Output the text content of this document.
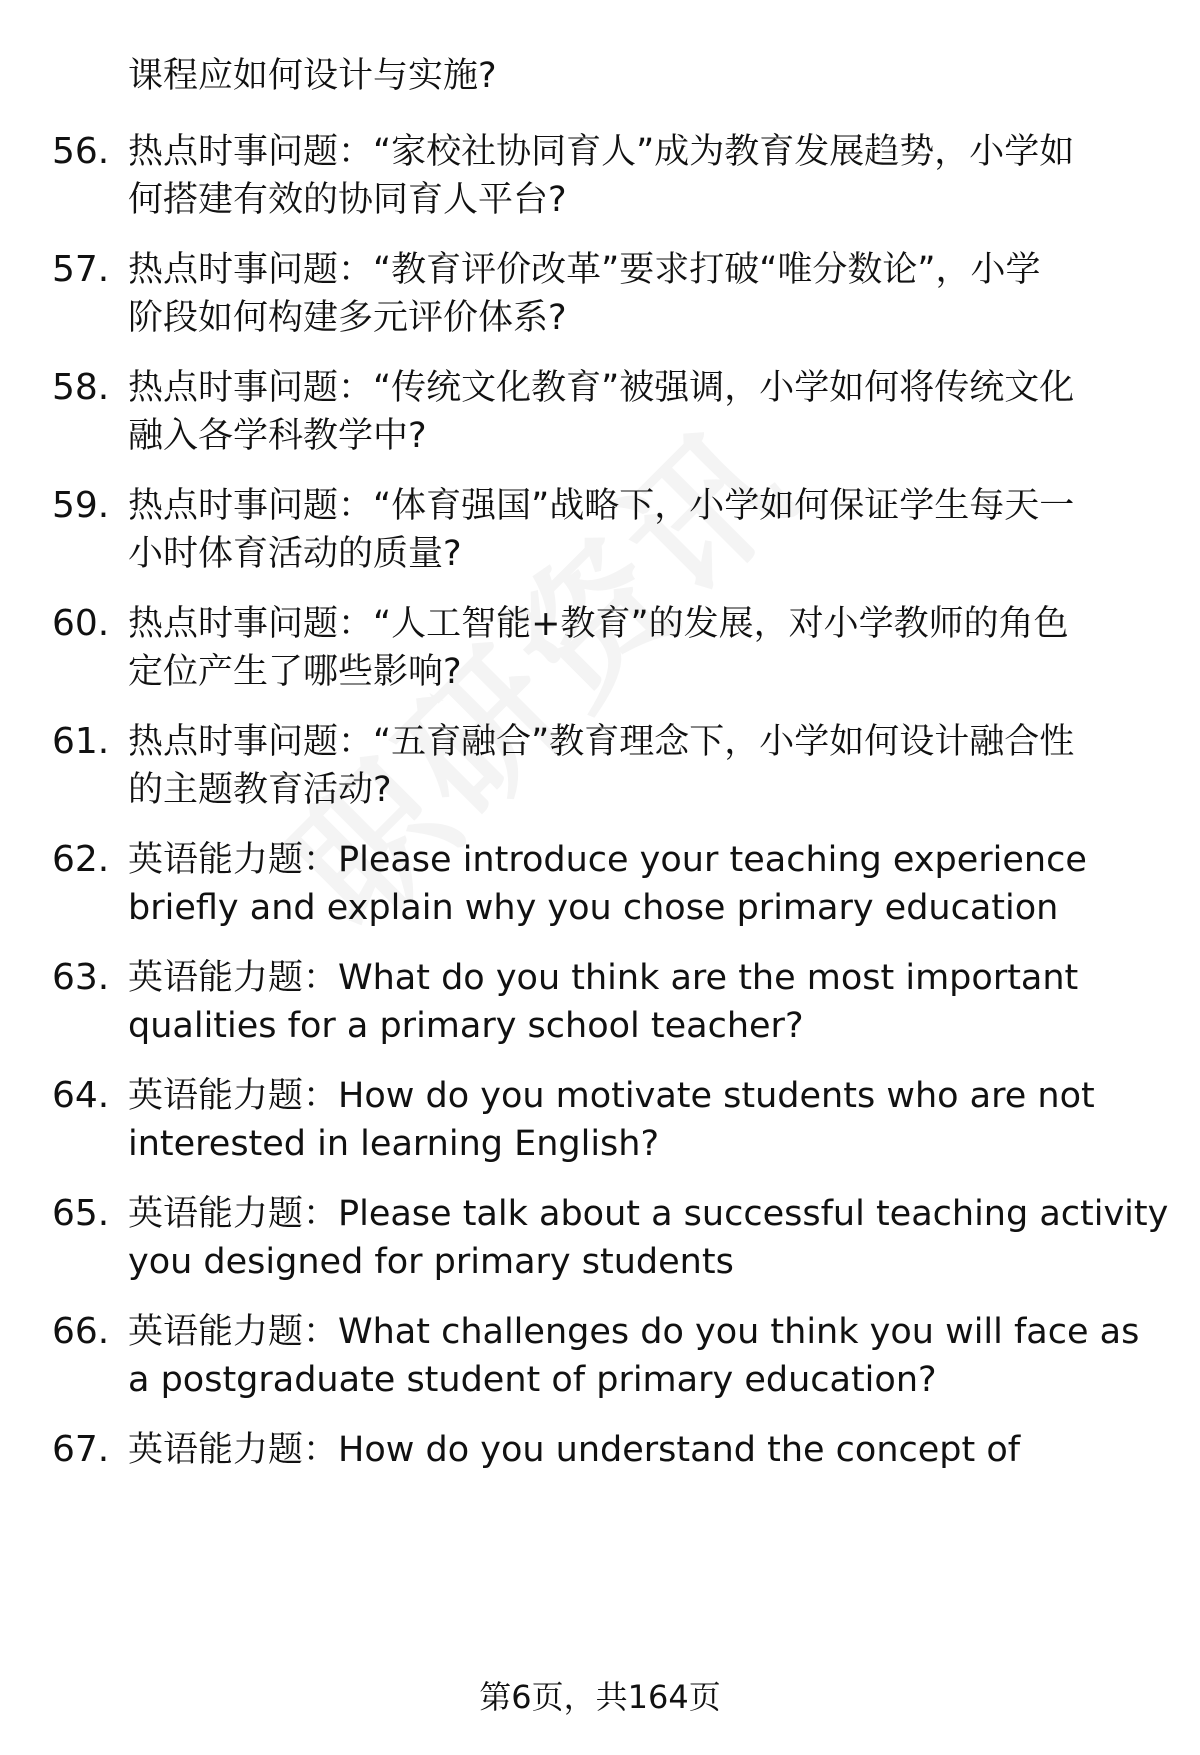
课程应如何设计与实施?
56. 热点时事问题：“家校社协同育人”成为教育发展趋势，小学如
何搭建有效的协同育人平台?
57. 热点时事问题：“教育评价改革”要求打破“唯分数论”，小学
阶段如何构建多元评价体系?
58. 热点时事问题：“传统文化教育”被强调，小学如何将传统文化
融入各学科教学中?
59. 热点时事问题：“体育强国”战略下，小学如何保证学生每天一
小时体育活动的质量?
60. 热点时事问题：“人工智能+教育”的发展，对小学教师的角色
定位产生了哪些影响?
61. 热点时事问题：“五育融合”教育理念下，小学如何设计融合性
的主题教育活动?
62. 英语能力题：Please introduce your teaching experience
briefly and explain why you chose primary education
63. 英语能力题：What do you think are the most important
qualities for a primary school teacher?
64. 英语能力题：How do you motivate students who are not
interested in learning English?
65. 英语能力题：Please talk about a successful teaching activity
you designed for primary students
66. 英语能力题：What challenges do you think you will face as
a postgraduate student of primary education?
67. 英语能力题：How do you understand the concept of
第6页，共164页
